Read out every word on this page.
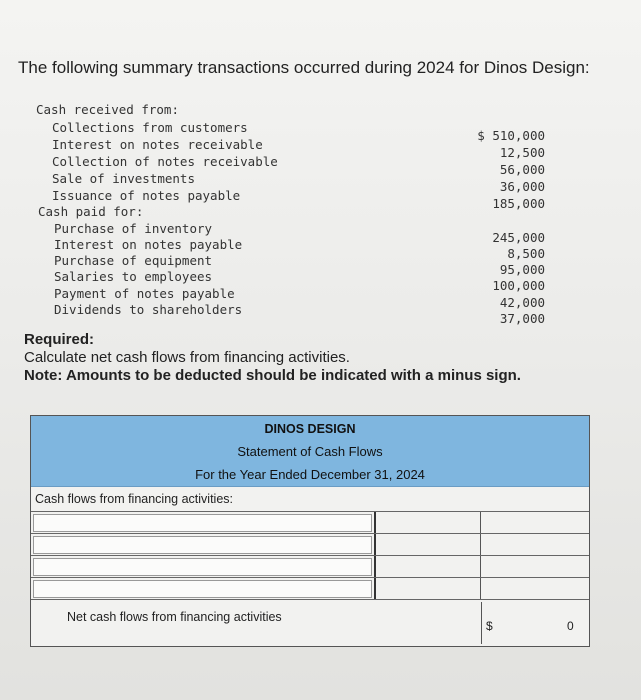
The following summary transactions occurred during 2024 for Dinos Design:
Cash received from:
Collections from customers
Interest on notes receivable
Collection of notes receivable
Sale of investments
Issuance of notes payable
$ 510,000
12,500
56,000
36,000
185,000
Cash paid for:
Purchase of inventory
Interest on notes payable
Purchase of equipment
Salaries to employees
Payment of notes payable
Dividends to shareholders
245,000
8,500
95,000
100,000
42,000
37,000
Required:
Calculate net cash flows from financing activities.
Note: Amounts to be deducted should be indicated with a minus sign.
DINOS DESIGN
Statement of Cash Flows
For the Year Ended December 31, 2024
Cash flows from financing activities:
Net cash flows from financing activities
$	0
